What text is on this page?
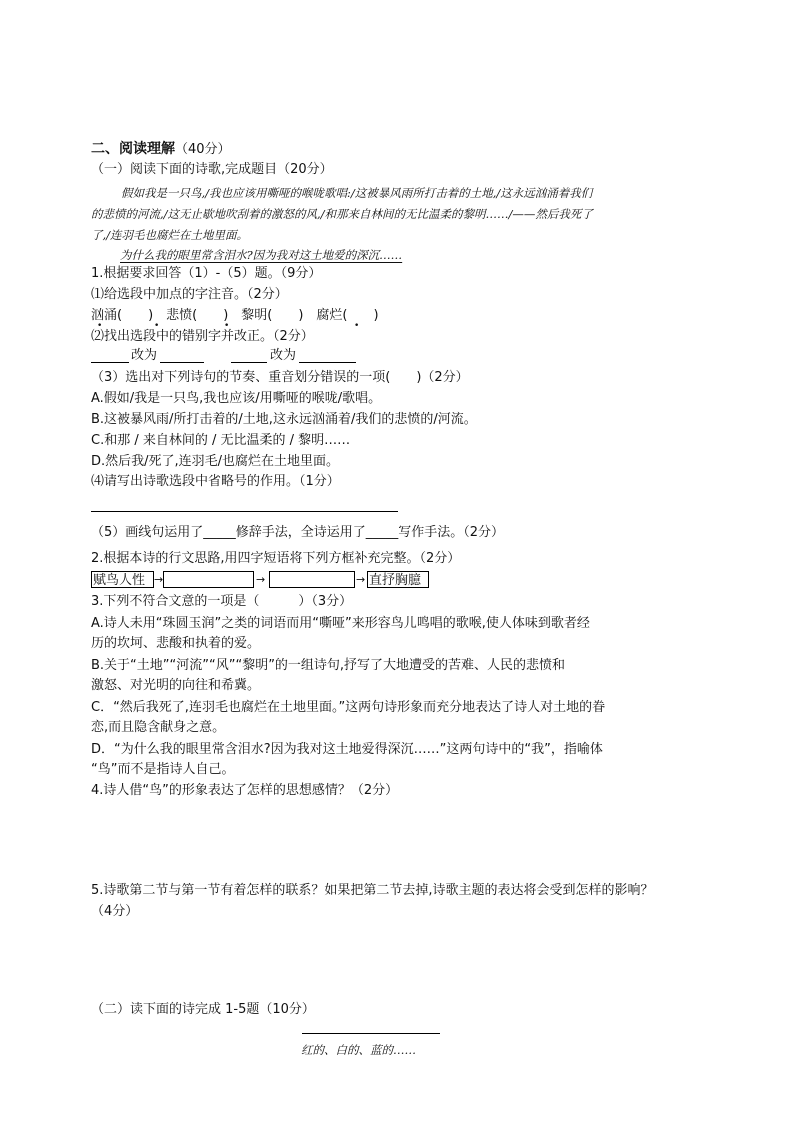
二、阅读理解（40分）
（一）阅读下面的诗歌,完成题目（20分）
假如我是一只鸟,/我也应该用嘶哑的喉咙歌唱:/这被暴风雨所打击着的土地,/这永远汹涌着我们
的悲愤的河流,/这无止歇地吹刮着的激怒的风,/和那来自林间的无比温柔的黎明……/——然后我死了
了,/连羽毛也腐烂在土地里面。
为什么我的眼里常含泪水?因为我对这土地爱的深沉……
1.根据要求回答（1）-（5）题。（9分）
⑴给选段中加点的字注音。（2分）
汹涌(　　)　悲愤(　　)　黎明(　　)　腐烂(　　)
•	•	•	•
⑵找出选段中的错别字并改正。（2分）
改为	改为
（3）选出对下列诗句的节奏、重音划分错误的一项(　　)（2分）
A.假如/我是一只鸟,我也应该/用嘶哑的喉咙/歌唱。
B.这被暴风雨/所打击着的/土地,这永远汹涌着/我们的悲愤的/河流。
C.和那 / 来自林间的 / 无比温柔的 / 黎明……
D.然后我/死了,连羽毛/也腐烂在土地里面。
⑷请写出诗歌选段中省略号的作用。（1分）
（5）画线句运用了_____修辞手法，全诗运用了_____写作手法。（2分）
2.根据本诗的行文思路,用四字短语将下列方框补充完整。（2分）
赋鸟人性 →	→	→ 直抒胸臆
3.下列不符合文意的一项是（　　　）（3分）
A.诗人未用“珠圆玉润”之类的词语而用“嘶哑”来形容鸟儿鸣唱的歌喉,使人体味到歌者经
历的坎坷、悲酸和执着的爱。
B.关于“土地”“河流”“风”“黎明”的一组诗句,抒写了大地遭受的苦难、人民的悲愤和
激怒、对光明的向往和希冀。
C．“然后我死了,连羽毛也腐烂在土地里面。”这两句诗形象而充分地表达了诗人对土地的眷
恋,而且隐含献身之意。
D．“为什么我的眼里常含泪水?因为我对这土地爱得深沉……”这两句诗中的“我”，指喻体
“鸟”而不是指诗人自己。
4.诗人借“鸟”的形象表达了怎样的思想感情？（2分）
5.诗歌第二节与第一节有着怎样的联系？如果把第二节去掉,诗歌主题的表达将会受到怎样的影响？
（4分）
（二）读下面的诗完成 1-5题（10分）
红的、白的、蓝的……
